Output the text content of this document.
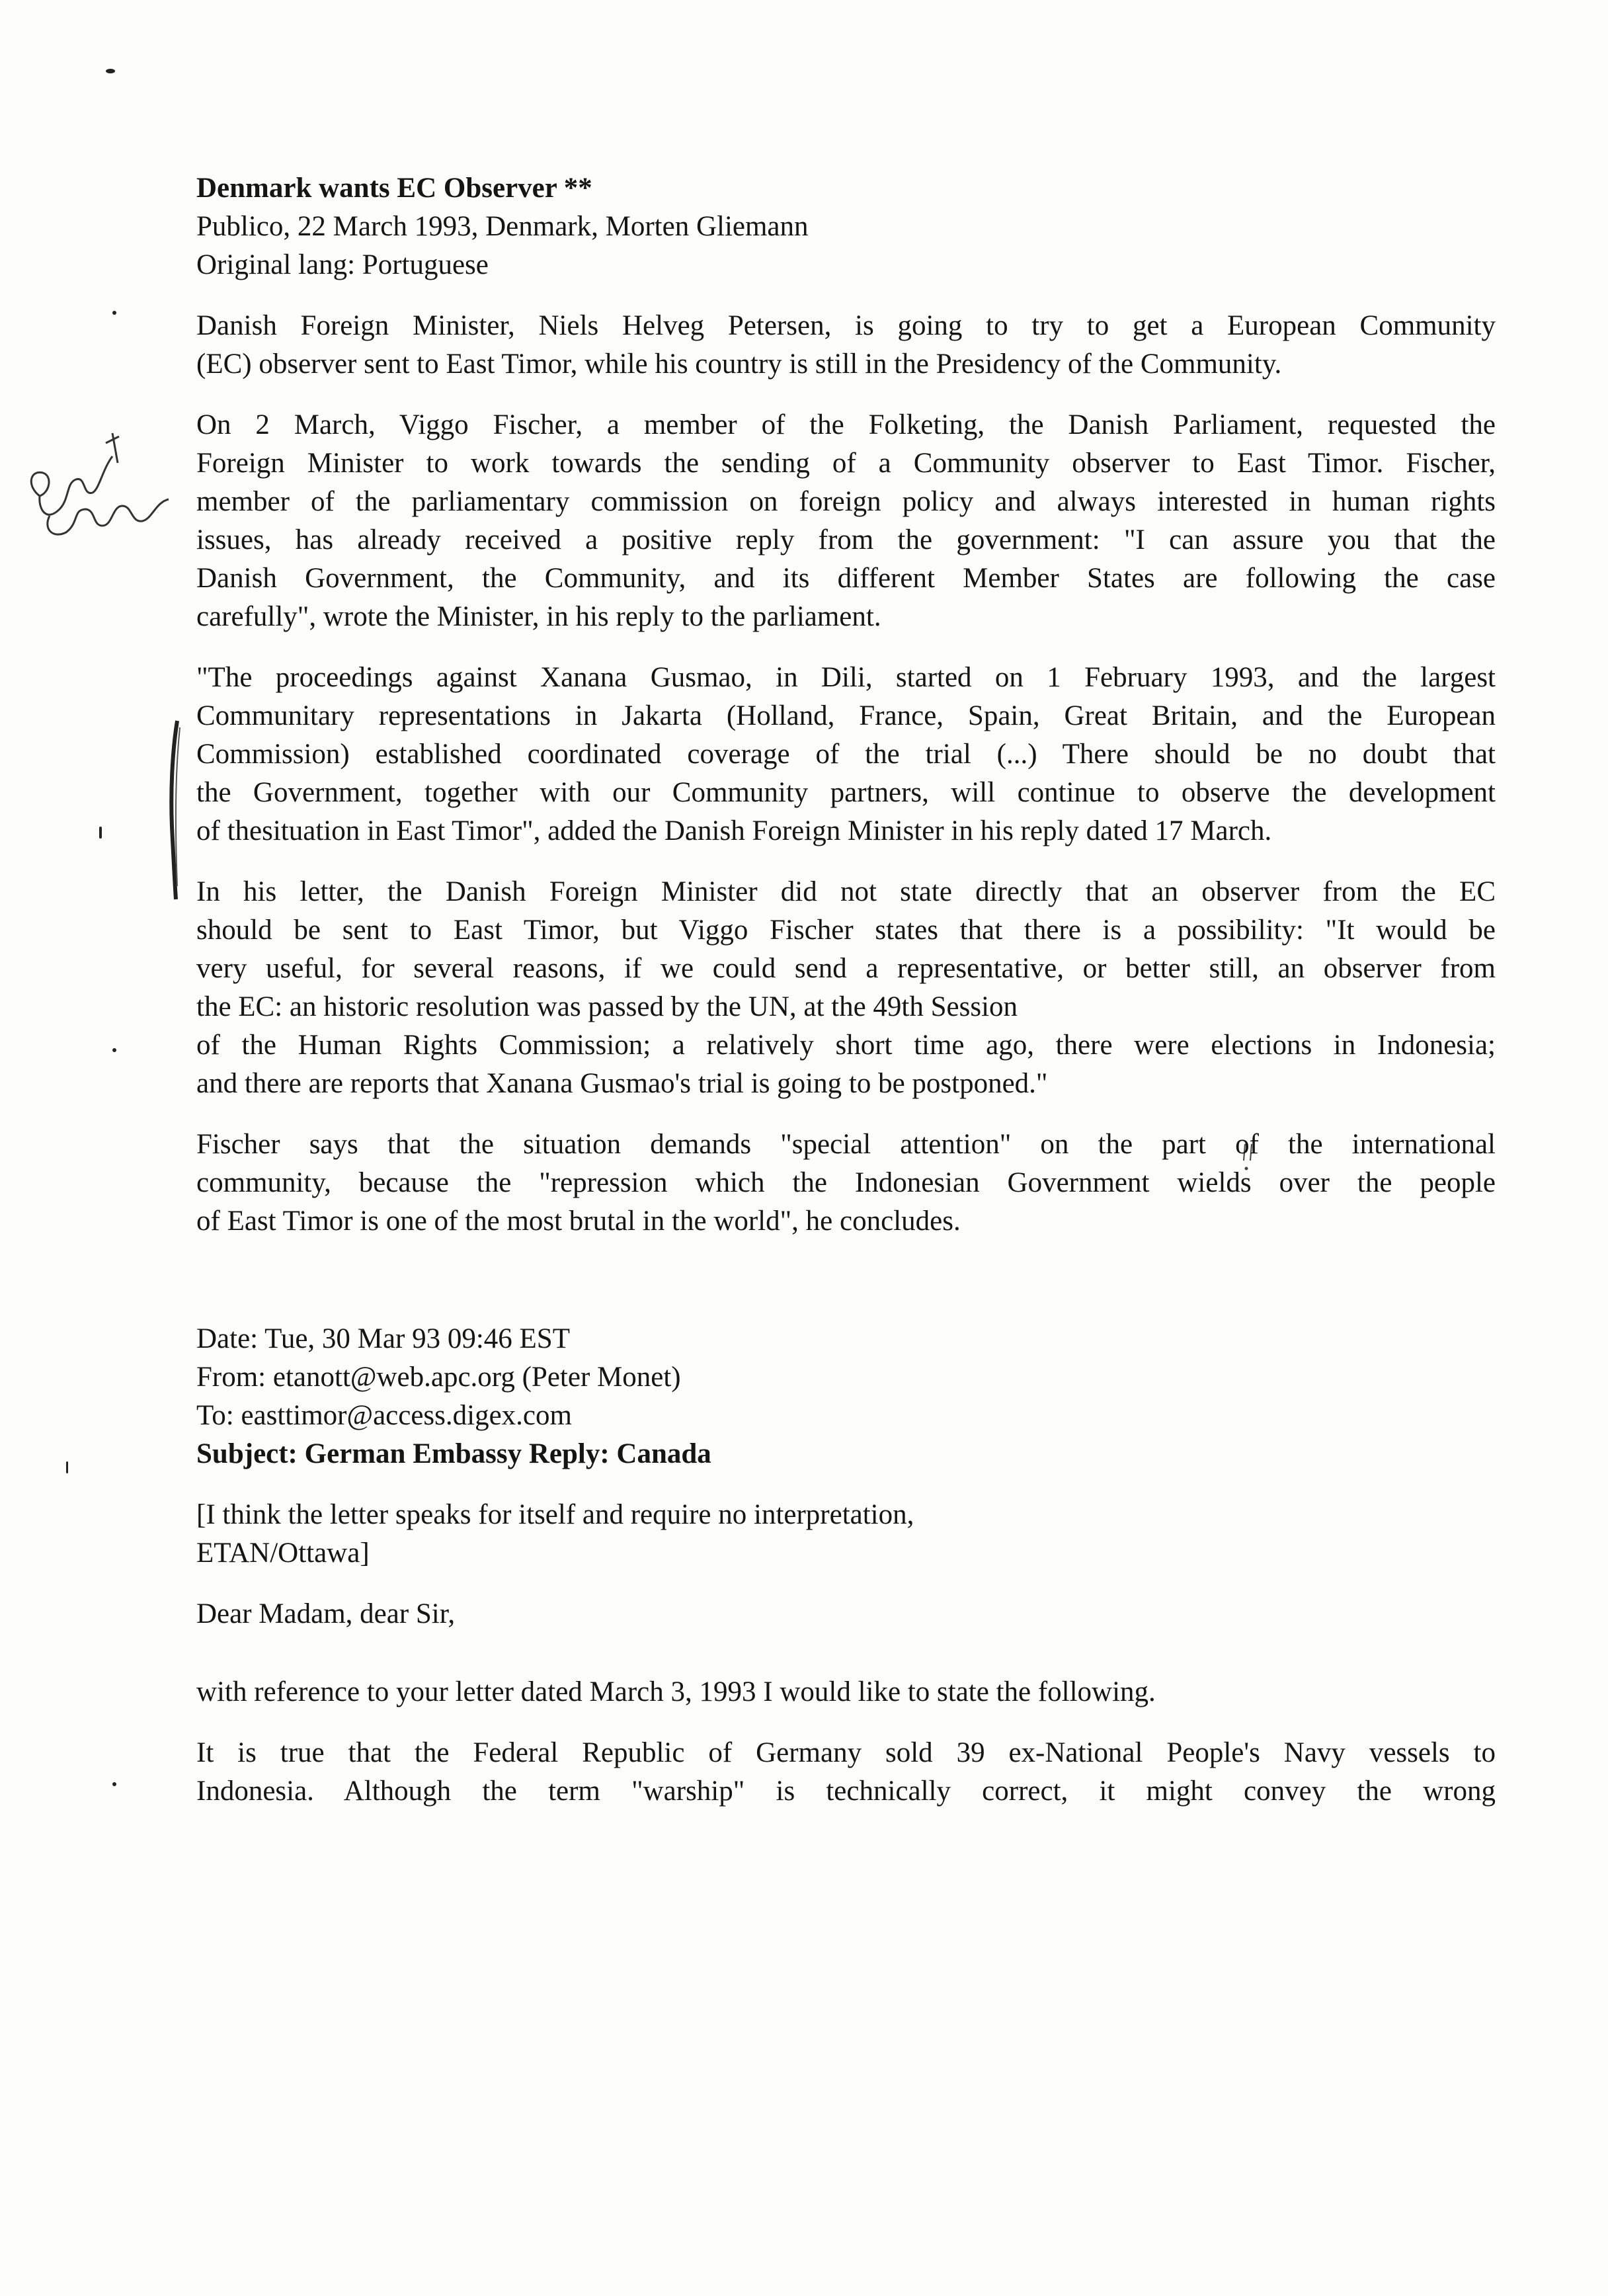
Denmark wants EC Observer **
Publico, 22 March 1993, Denmark, Morten Gliemann
Original lang: Portuguese
Danish Foreign Minister, Niels Helveg Petersen, is going to try to get a European Community
(EC) observer sent to East Timor, while his country is still in the Presidency of the Community.
On 2 March, Viggo Fischer, a member of the Folketing, the Danish Parliament, requested the
Foreign Minister to work towards the sending of a Community observer to East Timor. Fischer,
member of the parliamentary commission on foreign policy and always interested in human rights
issues, has already received a positive reply from the government: "I can assure you that the
Danish Government, the Community, and its different Member States are following the case
carefully", wrote the Minister, in his reply to the parliament.
"The proceedings against Xanana Gusmao, in Dili, started on 1 February 1993, and the largest
Communitary representations in Jakarta (Holland, France, Spain, Great Britain, and the European
Commission) established coordinated coverage of the trial (...) There should be no doubt that
the Government, together with our Community partners, will continue to observe the development
of thesituation in East Timor", added the Danish Foreign Minister in his reply dated 17 March.
In his letter, the Danish Foreign Minister did not state directly that an observer from the EC
should be sent to East Timor, but Viggo Fischer states that there is a possibility: "It would be
very useful, for several reasons, if we could send a representative, or better still, an observer from
the EC: an historic resolution was passed by the UN, at the 49th Session
of the Human Rights Commission; a relatively short time ago, there were elections in Indonesia;
and there are reports that Xanana Gusmao's trial is going to be postponed."
Fischer says that the situation demands "special attention" on the part of the international
community, because the "repression which the Indonesian Government wields over the people
of East Timor is one of the most brutal in the world", he concludes.
Date: Tue, 30 Mar 93 09:46 EST
From: etanott@web.apc.org (Peter Monet)
To: easttimor@access.digex.com
Subject: German Embassy Reply: Canada
[I think the letter speaks for itself and require no interpretation,
ETAN/Ottawa]
Dear Madam, dear Sir,
with reference to your letter dated March 3, 1993 I would like to state the following.
It is true that the Federal Republic of Germany sold 39 ex-National People's Navy vessels to
Indonesia. Although the term "warship" is technically correct, it might convey the wrong
